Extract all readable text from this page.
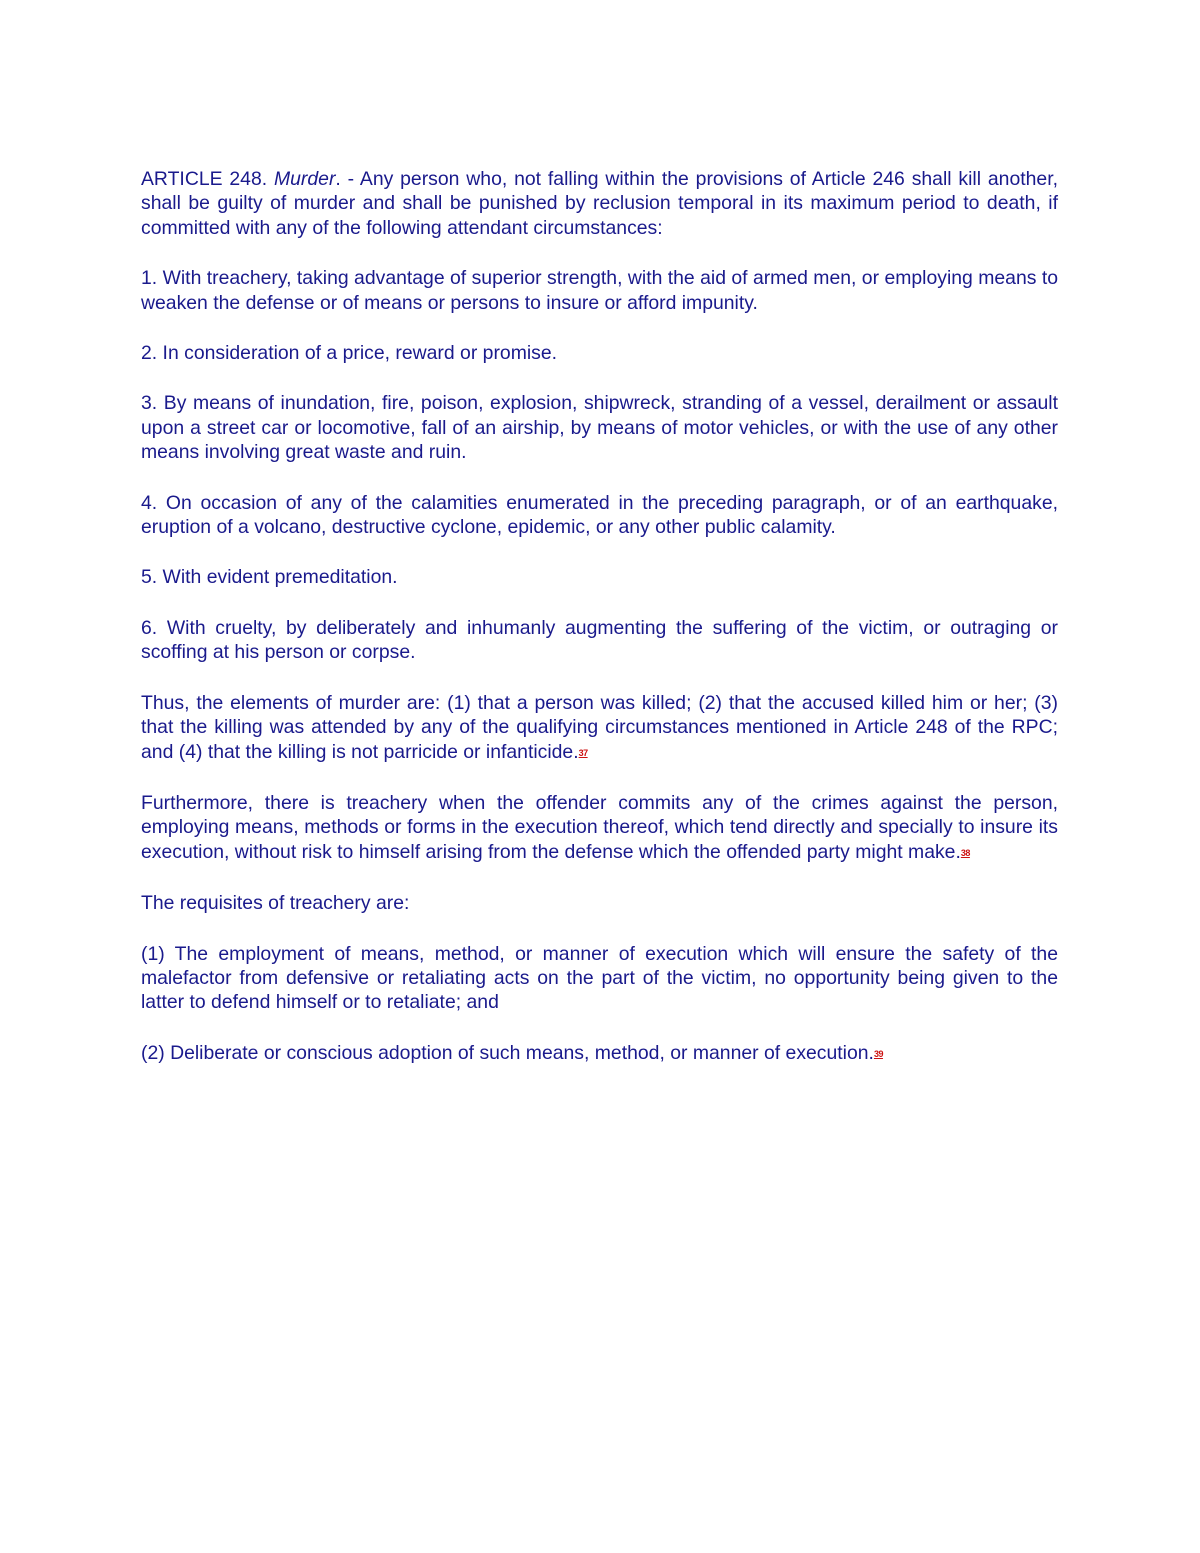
ARTICLE 248. Murder. - Any person who, not falling within the provisions of Article 246 shall kill another, shall be guilty of murder and shall be punished by reclusion temporal in its maximum period to death, if committed with any of the following attendant circumstances:

1. With treachery, taking advantage of superior strength, with the aid of armed men, or employing means to weaken the defense or of means or persons to insure or afford impunity.

2. In consideration of a price, reward or promise.

3. By means of inundation, fire, poison, explosion, shipwreck, stranding of a vessel, derailment or assault upon a street car or locomotive, fall of an airship, by means of motor vehicles, or with the use of any other means involving great waste and ruin.

4. On occasion of any of the calamities enumerated in the preceding paragraph, or of an earthquake, eruption of a volcano, destructive cyclone, epidemic, or any other public calamity.

5. With evident premeditation.

6. With cruelty, by deliberately and inhumanly augmenting the suffering of the victim, or outraging or scoffing at his person or corpse.

Thus, the elements of murder are: (1) that a person was killed; (2) that the accused killed him or her; (3) that the killing was attended by any of the qualifying circumstances mentioned in Article 248 of the RPC; and (4) that the killing is not parricide or infanticide.37

Furthermore, there is treachery when the offender commits any of the crimes against the person, employing means, methods or forms in the execution thereof, which tend directly and specially to insure its execution, without risk to himself arising from the defense which the offended party might make.38

The requisites of treachery are:

(1) The employment of means, method, or manner of execution which will ensure the safety of the malefactor from defensive or retaliating acts on the part of the victim, no opportunity being given to the latter to defend himself or to retaliate; and

(2) Deliberate or conscious adoption of such means, method, or manner of execution.39
